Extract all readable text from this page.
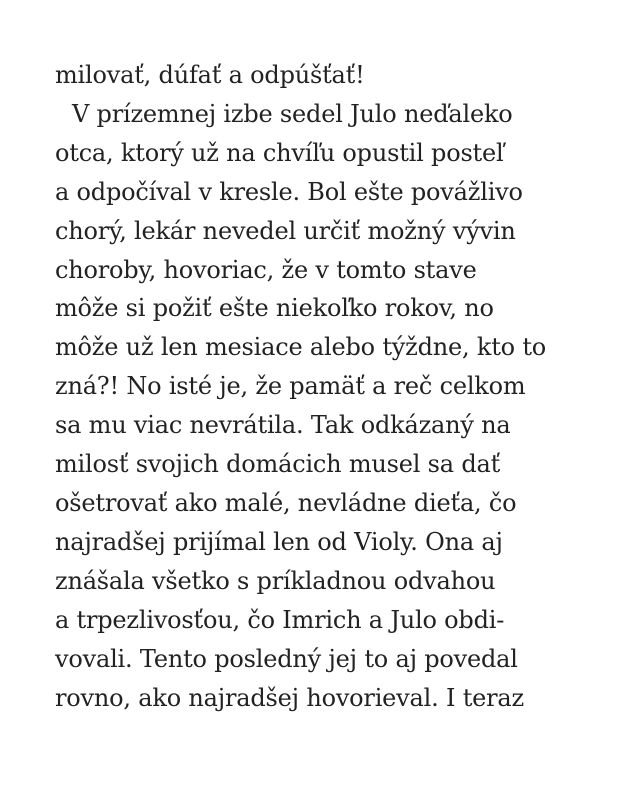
milovať, dúfať a odpúšťať!
V prízemnej izbe sedel Julo neďaleko
otca, ktorý už na chvíľu opustil posteľ
a odpočíval v kresle. Bol ešte povážlivo
chorý, lekár nevedel určiť možný vývin
choroby, hovoriac, že v tomto stave
môže si požiť ešte niekoľko rokov, no
môže už len mesiace alebo týždne, kto to
zná?! No isté je, že pamäť a reč celkom
sa mu viac nevrátila. Tak odkázaný na
milosť svojich domácich musel sa dať
ošetrovať ako malé, nevládne dieťa, čo
najradšej prijímal len od Violy. Ona aj
znášala všetko s príkladnou odvahou
a trpezlivosťou, čo Imrich a Julo obdi-
vovali. Tento posledný jej to aj povedal
rovno, ako najradšej hovorieval. I teraz
